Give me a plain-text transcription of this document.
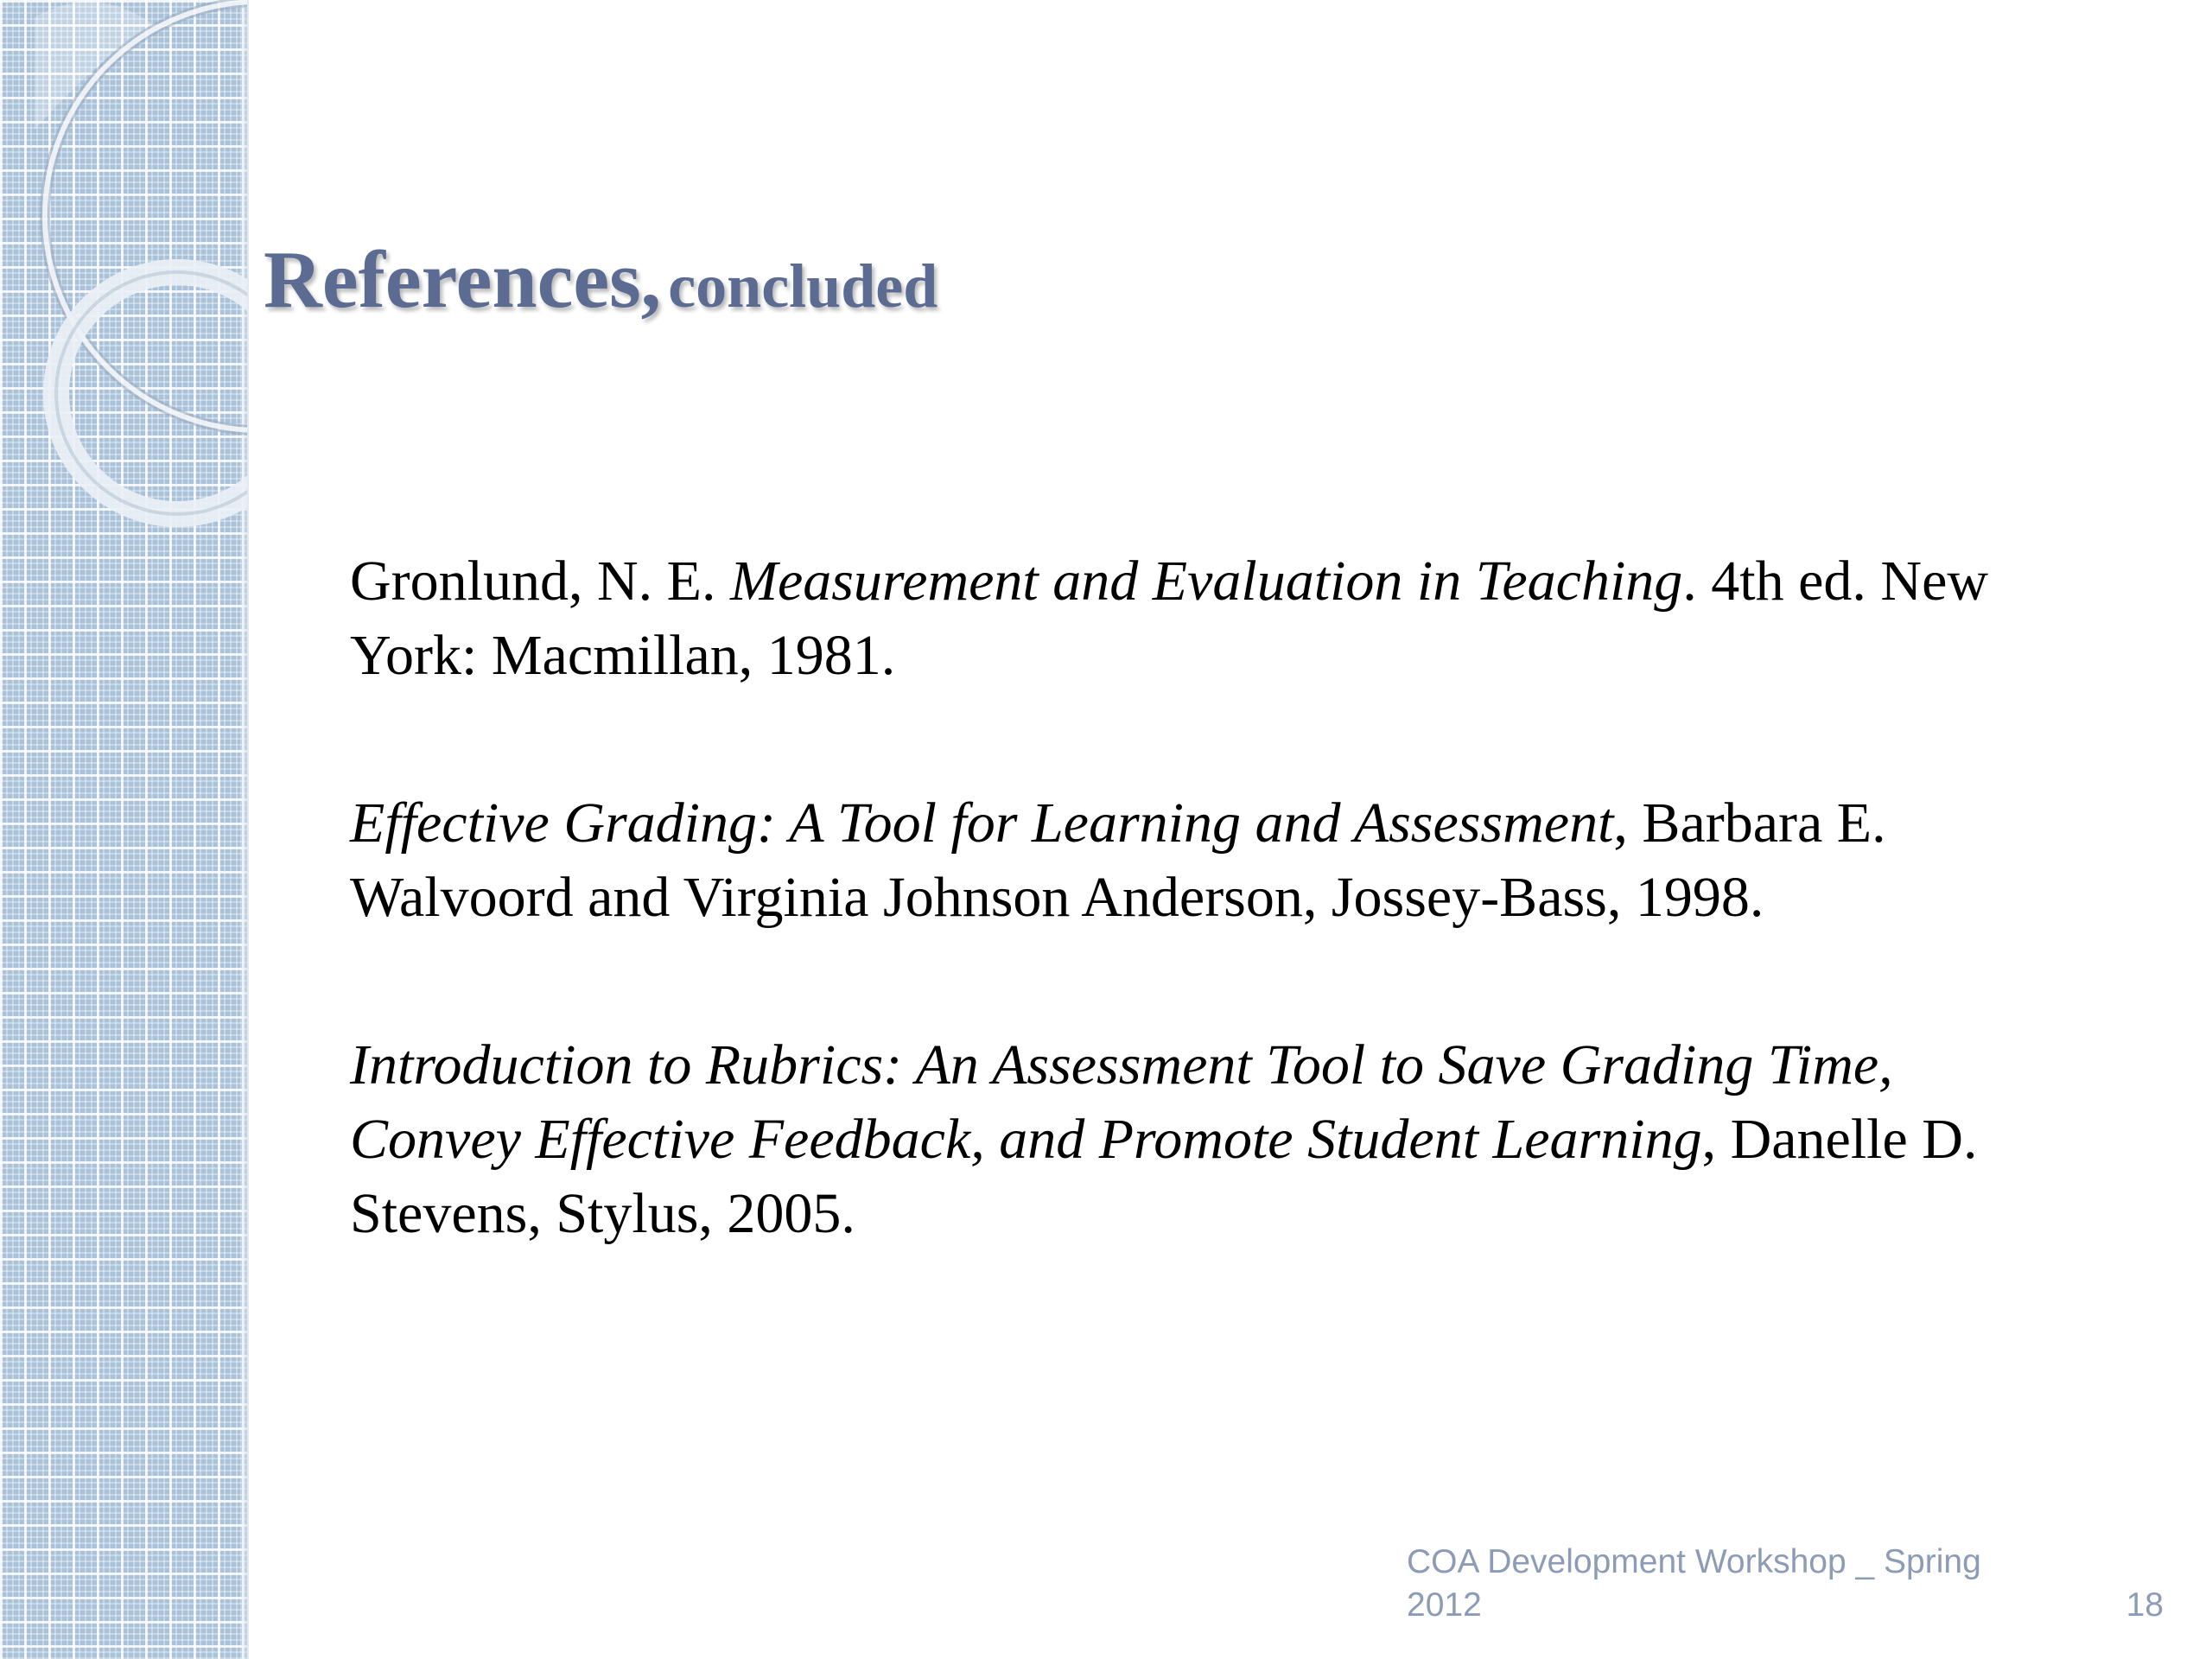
References, concluded

Gronlund, N. E. Measurement and Evaluation in Teaching. 4th ed. New York: Macmillan, 1981.

Effective Grading: A Tool for Learning and Assessment, Barbara E. Walvoord and Virginia Johnson Anderson, Jossey-Bass, 1998.

Introduction to Rubrics: An Assessment Tool to Save Grading Time, Convey Effective Feedback, and Promote Student Learning, Danelle D. Stevens, Stylus, 2005.

COA Development Workshop _ Spring 2012	18
